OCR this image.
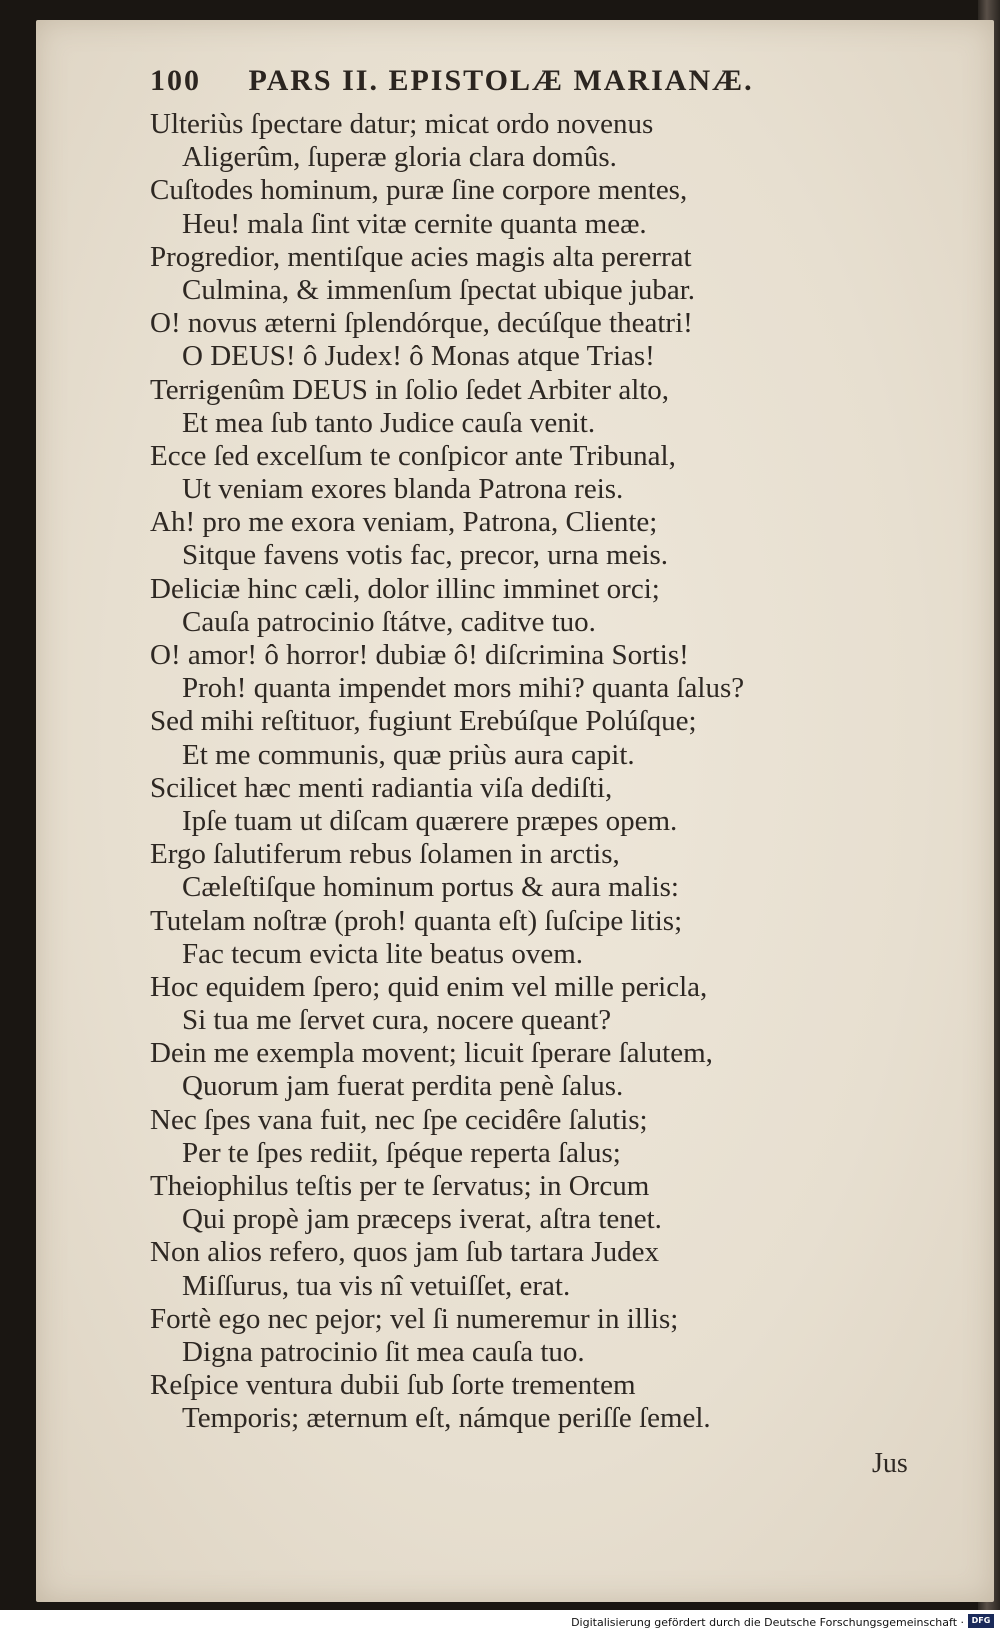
100 PARS II. EPISTOLÆ MARIANÆ.
Ulteriùs ſpectare datur; micat ordo novenus
Aligerûm, ſuperæ gloria clara domûs.
Cuſtodes hominum, puræ ſine corpore mentes,
Heu! mala ſint vitæ cernite quanta meæ.
Progredior, mentiſque acies magis alta pererrat
Culmina, & immenſum ſpectat ubique jubar.
O! novus æterni ſplendórque, decúſque theatri!
O DEUS! ô Judex! ô Monas atque Trias!
Terrigenûm DEUS in ſolio ſedet Arbiter alto,
Et mea ſub tanto Judice cauſa venit.
Ecce ſed excelſum te conſpicor ante Tribunal,
Ut veniam exores blanda Patrona reis.
Ah! pro me exora veniam, Patrona, Cliente;
Sitque favens votis fac, precor, urna meis.
Deliciæ hinc cæli, dolor illinc imminet orci;
Cauſa patrocinio ſtátve, caditve tuo.
O! amor! ô horror! dubiæ ô! diſcrimina Sortis!
Proh! quanta impendet mors mihi? quanta ſalus?
Sed mihi reſtituor, fugiunt Erebúſque Polúſque;
Et me communis, quæ priùs aura capit.
Scilicet hæc menti radiantia viſa dediſti,
Ipſe tuam ut diſcam quærere præpes opem.
Ergo ſalutiferum rebus ſolamen in arctis,
Cæleſtiſque hominum portus & aura malis:
Tutelam noſtræ (proh! quanta eſt) ſuſcipe litis;
Fac tecum evicta lite beatus ovem.
Hoc equidem ſpero; quid enim vel mille pericla,
Si tua me ſervet cura, nocere queant?
Dein me exempla movent; licuit ſperare ſalutem,
Quorum jam fuerat perdita penè ſalus.
Nec ſpes vana fuit, nec ſpe cecidêre ſalutis;
Per te ſpes rediit, ſpéque reperta ſalus;
Theiophilus teſtis per te ſervatus; in Orcum
Qui propè jam præceps iverat, aſtra tenet.
Non alios refero, quos jam ſub tartara Judex
Miſſurus, tua vis nî vetuiſſet, erat.
Fortè ego nec pejor; vel ſi numeremur in illis;
Digna patrocinio ſit mea cauſa tuo.
Reſpice ventura dubii ſub ſorte trementem
Temporis; æternum eſt, námque periſſe ſemel.
Jus
Digitalisierung gefördert durch die Deutsche Forschungsgemeinschaft · DFG
